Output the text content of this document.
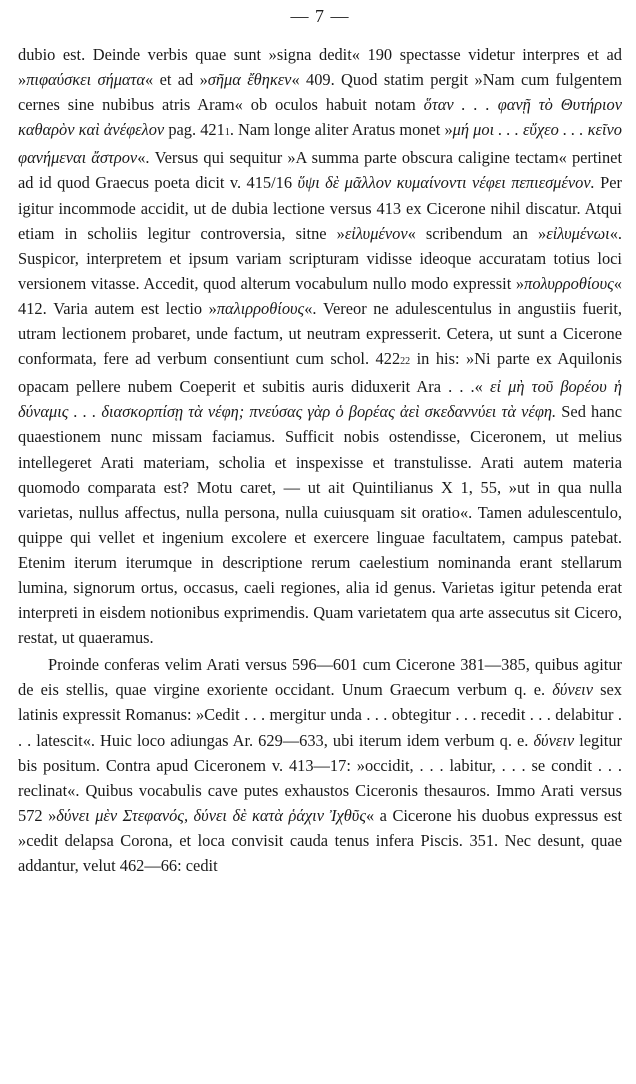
— 7 —

dubio est. Deinde verbis quae sunt »signa dedit« 190 spectasse videtur interpres et ad »πιφαύσκει σήματα« et ad »σῆμα ἔθηκεν« 409. Quod statim pergit »Nam cum fulgentem cernes sine nubibus atris Aram« ob oculos habuit notam ὅταν . . . φανῇ τὸ Θυτήριον καθαρὸν καὶ ἀνέφελον pag. 4211. Nam longe aliter Aratus monet »μή μοι . . . εὔχεο . . . κεῖνο φανήμεναι ἄστρον«. Versus qui sequitur »A summa parte obscura caligine tectam« pertinet ad id quod Graecus poeta dicit v. 415/16 ὕψι δὲ μᾶλλον κυμαίνοντι νέφει πεπιεσμένον. Per igitur incommode accidit, ut de dubia lectione versus 413 ex Cicerone nihil discatur. Atqui etiam in scholiis legitur controversia, sitne »εἰλυμένον« scribendum an »εἰλυμένωι«. Suspicor, interpretem et ipsum variam scripturam vidisse ideoque accuratam totius loci versionem vitasse. Accedit, quod alterum vocabulum nullo modo expressit »πολυρροθίους« 412. Varia autem est lectio »παλιρροθίους«. Vereor ne adulescentulus in angustiis fuerit, utram lectionem probaret, unde factum, ut neutram expresserit. Cetera, ut sunt a Cicerone conformata, fere ad verbum consentiunt cum schol. 42222 in his: »Ni parte ex Aquilonis opacam pellere nubem Coeperit et subitis auris diduxerit Ara . . .« εἰ μὴ τοῦ βορέου ἡ δύναμις . . . διασκορπίσῃ τὰ νέφη; πνεύσας γὰρ ὁ βορέας ἀεὶ σκεδαννύει τὰ νέφη. Sed hanc quaestionem nunc missam faciamus. Sufficit nobis ostendisse, Ciceronem, ut melius intellegeret Arati materiam, scholia et inspexisse et transtulisse. Arati autem materia quomodo comparata est? Motu caret, — ut ait Quintilianus X 1, 55, »ut in qua nulla varietas, nullus affectus, nulla persona, nulla cuiusquam sit oratio«. Tamen adulescentulo, quippe qui vellet et ingenium excolere et exercere linguae facultatem, campus patebat. Etenim iterum iterumque in descriptione rerum caelestium nominanda erant stellarum lumina, signorum ortus, occasus, caeli regiones, alia id genus. Varietas igitur petenda erat interpreti in eisdem notionibus exprimendis. Quam varietatem qua arte assecutus sit Cicero, restat, ut quaeramus.

Proinde conferas velim Arati versus 596—601 cum Cicerone 381—385, quibus agitur de eis stellis, quae virgine exoriente occidant. Unum Graecum verbum q. e. δύνειν sex latinis expressit Romanus: »Cedit . . . mergitur unda . . . obtegitur . . . recedit . . . delabitur . . . latescit«. Huic loco adiungas Ar. 629—633, ubi iterum idem verbum q. e. δύνειν legitur bis positum. Contra apud Ciceronem v. 413—17: »occidit, . . . labitur, . . . se condit . . . reclinat«. Quibus vocabulis cave putes exhaustos Ciceronis thesauros. Immo Arati versus 572 »δύνει μὲν Στεφανός, δύνει δὲ κατὰ ῥάχιν Ἰχθῦς« a Cicerone his duobus expressus est »cedit delapsa Corona, et loca convisit cauda tenus infera Piscis. 351. Nec desunt, quae addantur, velut 462—66: cedit
